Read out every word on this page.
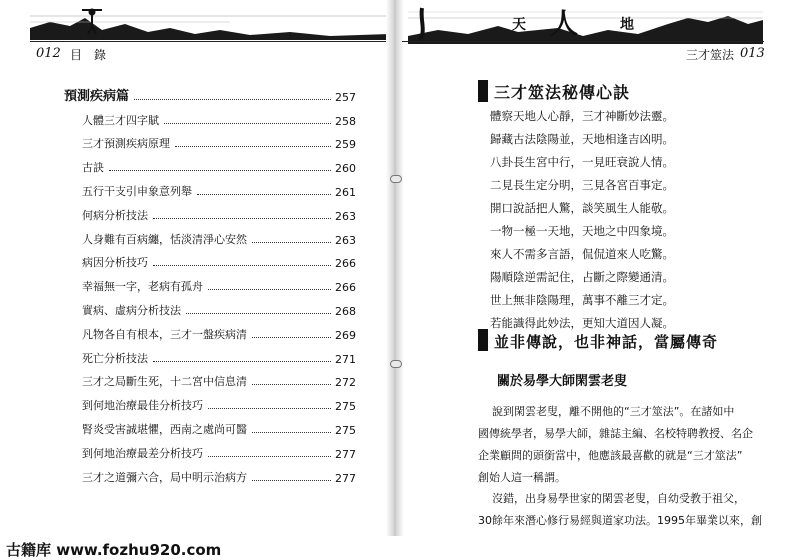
012 目　錄
預測疾病篇	257
人體三才四字賦	258
三才預測疾病原理	259
古訣	260
五行干支引申象意列舉	261
何病分析技法	263
人身難有百病纏，恬淡清淨心安然	263
病因分析技巧	266
幸福無一字，老病有孤舟	266
實病、虛病分析技法	268
凡物各自有根本，三才一盤疾病清	269
死亡分析技法	271
三才之局斷生死，十二宮中信息清	272
到何地治療最佳分析技巧	275
腎炎受害誠堪懼，西南之處尚可醫	275
到何地治療最差分析技巧	277
三才之道彌六合，局中明示治病方	277
天 人	地
三才筮法 013
三才筮法秘傳心訣
體察天地人心靜，三才神斷妙法靈。
歸藏古法陰陽並，天地相逢吉凶明。
八卦長生宮中行，一見旺衰說人情。
二見長生定分明，三見各宮百事定。
開口說話把人驚，談笑風生人能敬。
一物一極一天地，天地之中四象境。
來人不需多言語，侃侃道來人吃驚。
陽順陰逆需記住，占斷之際變通清。
世上無非陰陽理，萬事不離三才定。
若能識得此妙法，更知大道因人凝。
並非傳說，也非神話，當屬傳奇
關於易學大師閑雲老叟
說到閑雲老叟，離不開他的“三才筮法”。在諸如中
國傳統學者，易學大師，雜誌主編、名校特聘教授、名企
企業顧問的頭銜當中，他應該最喜歡的就是“三才筮法”
創始人這一稱謂。
沒錯，出身易學世家的閑雲老叟，自幼受教于祖父，
30餘年來潛心修行易經與道家功法。1995年畢業以來，創
古籍库 www.fozhu920.com
